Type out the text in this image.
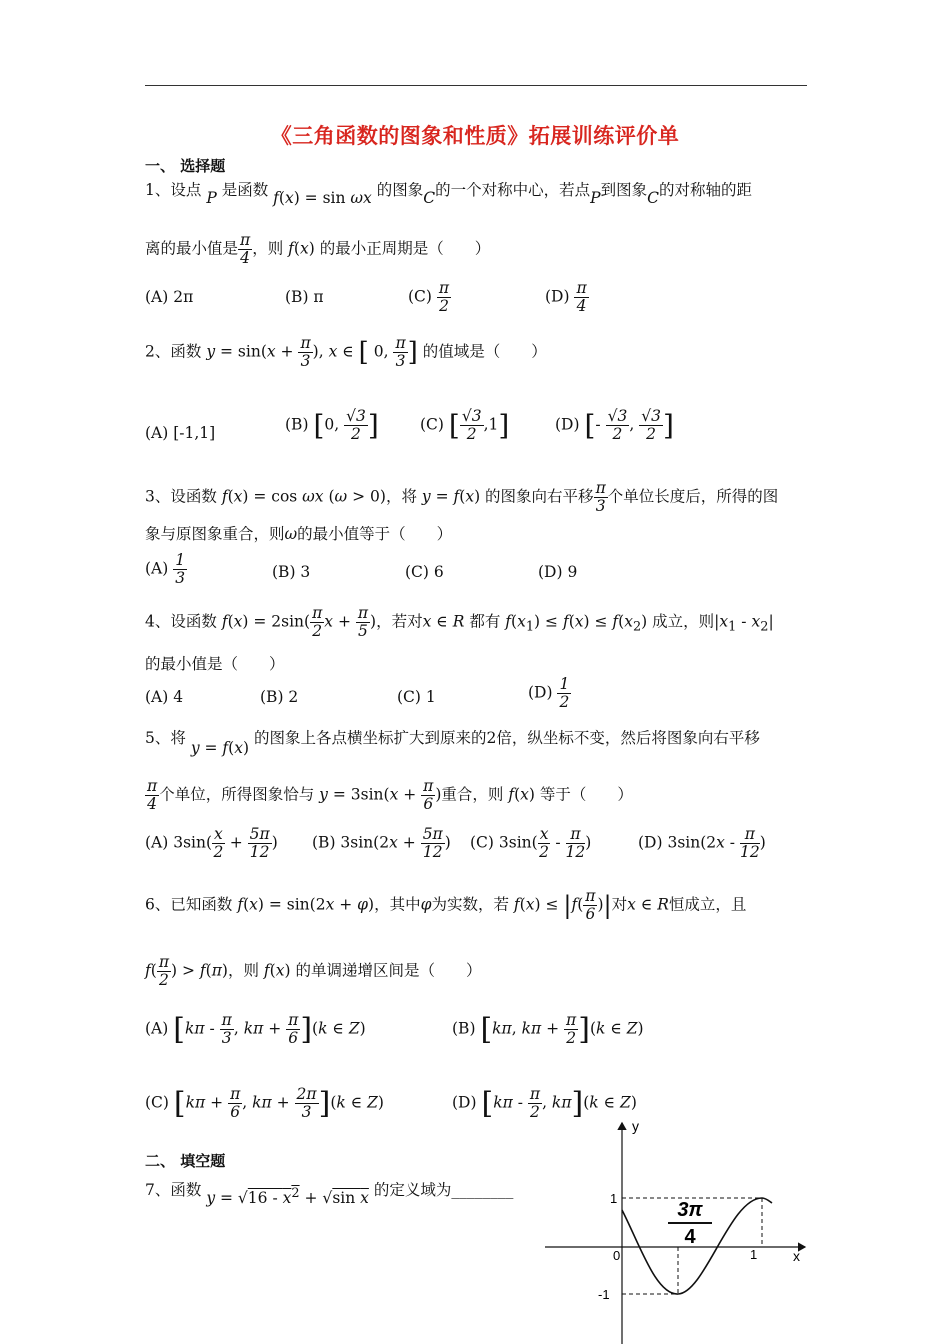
《三角函数的图象和性质》拓展训练评价单
一、 选择题
1、设点 P 是函数 f(x) = sin ωx 的图象C的一个对称中心，若点P到图象C的对称轴的距
离的最小值是 $\frac{\pi}{4}$ ，则 f(x) 的最小正周期是（　　）
(A) 2π	(B) π	$(C) \frac{\pi}{2}$	$(D) \frac{\pi}{4}$
2、函数 $y = \sin(x + \frac{\pi}{3}$ ), x ∈ [ 0, $\frac{\pi}{3}$ ] 的值域是（　　）
(A) [-1,1]	(B) [0, $\frac{√3}{2}$ ]	(C) [ $\frac{√3}{2} ,1$]	(D) [- $\frac{√3}{2}$ , $\frac{√3}{2}$ ]
3、设函数 f(x) = cos ωx (ω > 0)，将 y = f(x) 的图象向右平移 $\frac{\pi}{3}$ 个单位长度后，所得的图
象与原图象重合，则ω的最小值等于（　　）
$(A) \frac{1}{3}$	(B) 3	(C) 6	(D) 9
4、设函数 $f(x) = 2\sin( \frac{\pi}{2}$ $x + \frac{\pi}{5}$ )，若对x ∈ R 都有 $f(x_1) \le f(x) \le f(x_2)$ 成立，则$|x_1 - x_2|$
的最小值是（　　）
(A) 4	(B) 2	(C) 1	$(D) \frac{1}{2}$
5、将 y = f(x) 的图象上各点横坐标扩大到原来的2倍，纵坐标不变，然后将图象向右平移
$\frac{\pi}{4}$ 个单位，所得图象恰与 $y = 3\sin(x + \frac{\pi}{6}$ )重合，则 f(x) 等于（　　）
(A) $3\sin( \frac{x}{2} + \frac{5\pi}{12}$ ) (B) $3\sin(2x + \frac{5\pi}{12}$ ) (C) $3\sin( \frac{x}{2} - \frac{\pi}{12}$ )	(D) $3\sin(2x - \frac{\pi}{12}$ )
6、已知函数 f(x) = sin(2x + φ)，其中φ为实数，若 $f(x) \le |f( \frac{\pi}{6}$ )|对x ∈ R恒成立，且
$f( \frac{\pi}{2}$ ) > f(π)，则 f(x) 的单调递增区间是（　　）
(A) [$k\pi - \frac{\pi}{3}$ , $k\pi + \frac{\pi}{6} ](k$ ∈ Z)	(B) [kπ, $k\pi + \frac{\pi}{2} ](k$ ∈ Z)
(C) [$k\pi + \frac{\pi}{6}$ , $k\pi + \frac{2\pi}{3} ](k$ ∈ Z)	(D) [$k\pi - \frac{\pi}{2}$ , kπ](k ∈ Z)
二、 填空题
7、函数 $y = √16 - x^2 + √\sin$ x 的定义域为________
y
x
0
1
-1
1
3π
4
